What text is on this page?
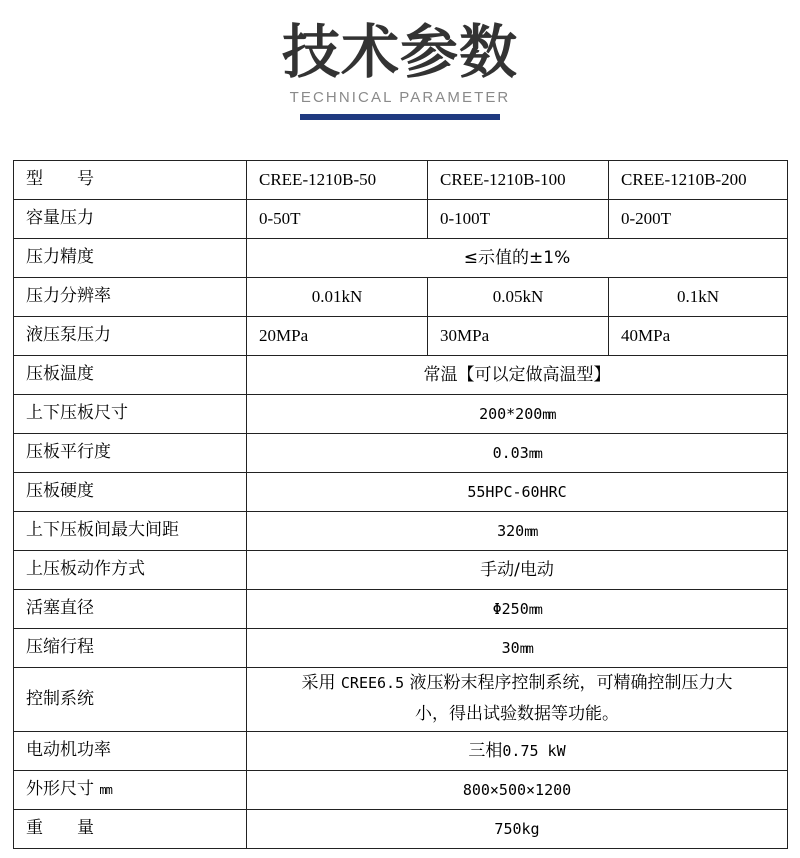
技术参数
TECHNICAL PARAMETER
型 号	CREE-1210B-50	CREE-1210B-100	CREE-1210B-200
容量压力	0-50T	0-100T	0-200T
压力精度	≤示值的±1%		
压力分辨率	0.01kN	0.05kN	0.1kN
液压泵压力	20MPa	30MPa	40MPa
压板温度	常温【可以定做高温型】		
上下压板尺寸	200*200mm		
压板平行度	0.03mm		
压板硬度	55HPC-60HRC		
上下压板间最大间距	320mm		
上压板动作方式	手动/电动		
活塞直径	Φ250mm		
压缩行程	30mm		
控制系统	采用 CREE6.5 液压粉末程序控制系统，可精确控制压力大
小，得出试验数据等功能。		

电动机功率	三相0.75 kW		
外形尺寸 mm	800×500×1200		
重 量	750kg		
